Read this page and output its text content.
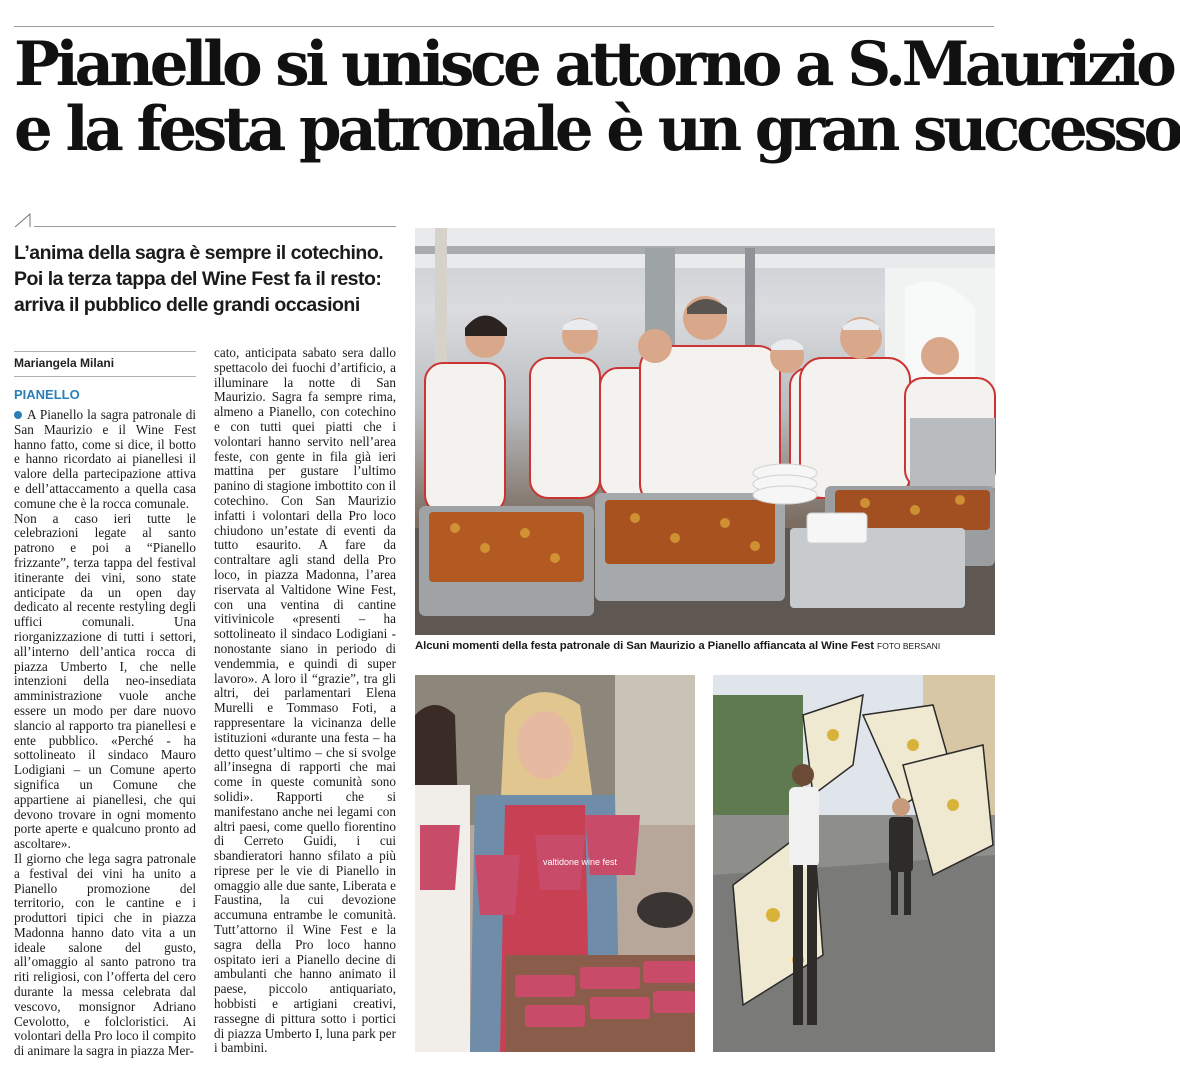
Pianello si unisce attorno a S.Maurizio
e la festa patronale è un gran successo
L’anima della sagra è sempre il cotechino.
Poi la terza tappa del Wine Fest fa il resto:
arriva il pubblico delle grandi occasioni
Mariangela Milani
PIANELLO

A Pianello la sagra patronale di San Maurizio e il Wine Fest hanno fatto, come si dice, il botto e hanno ricordato ai pianellesi il valore della partecipazione attiva e dell’attaccamento a quella casa comune che è la rocca comunale.

Non a caso ieri tutte le celebrazioni legate al santo patrono e poi a “Pianello frizzante”, terza tappa del festival itinerante dei vini, sono state anticipate da un open day dedicato al recente restyling degli uffici comunali. Una riorganizzazione di tutti i settori, all’interno dell’antica rocca di piazza Umberto I, che nelle intenzioni della neo-insediata amministrazione vuole anche essere un modo per dare nuovo slancio al rapporto tra pianellesi e ente pubblico. «Perché - ha sottolineato il sindaco Mauro Lodigiani – un Comune aperto significa un Comune che appartiene ai pianellesi, che qui devono trovare in ogni momento porte aperte e qualcuno pronto ad ascoltare».

Il giorno che lega sagra patronale a festival dei vini ha unito a Pianello promozione del territorio, con le cantine e i produttori tipici che in piazza Madonna hanno dato vita a un ideale salone del gusto, all’omaggio al santo patrono tra riti religiosi, con l’offerta del cero durante la messa celebrata dal vescovo, monsignor Adriano Cevolotto, e folcloristici. Ai volontari della Pro loco il compito di animare la sagra in piazza Mer-

cato, anticipata sabato sera dallo spettacolo dei fuochi d’artificio, a illuminare la notte di San Maurizio. Sagra fa sempre rima, almeno a Pianello, con cotechino e con tutti quei piatti che i volontari hanno servito nell’area feste, con gente in fila già ieri mattina per gustare l’ultimo panino di stagione imbottito con il cotechino. Con San Maurizio infatti i volontari della Pro loco chiudono un’estate di eventi da tutto esaurito. A fare da contraltare agli stand della Pro loco, in piazza Madonna, l’area riservata al Valtidone Wine Fest, con una ventina di cantine vitivinicole «presenti – ha sottolineato il sindaco Lodigiani - nonostante siano in periodo di vendemmia, e quindi di super lavoro». A loro il “grazie”, tra gli altri, dei parlamentari Elena Murelli e Tommaso Foti, a rappresentare la vicinanza delle istituzioni «durante una festa – ha detto quest’ultimo – che si svolge all’insegna di rapporti che mai come in queste comunità sono solidi». Rapporti che si manifestano anche nei legami con altri paesi, come quello fiorentino di Cerreto Guidi, i cui sbandieratori hanno sfilato a più riprese per le vie di Pianello in omaggio alle due sante, Liberata e Faustina, la cui devozione accumuna entrambe le comunità. Tutt’attorno il Wine Fest e la sagra della Pro loco hanno ospitato ieri a Pianello decine di ambulanti che hanno animato il paese, piccolo antiquariato, hobbisti e artigiani creativi, rassegne di pittura sotto i portici di piazza Umberto I, luna park per i bambini.

Alcuni momenti della festa patronale di San Maurizio a Pianello affiancata al Wine Fest FOTO BERSANI
valtidone wine fest
